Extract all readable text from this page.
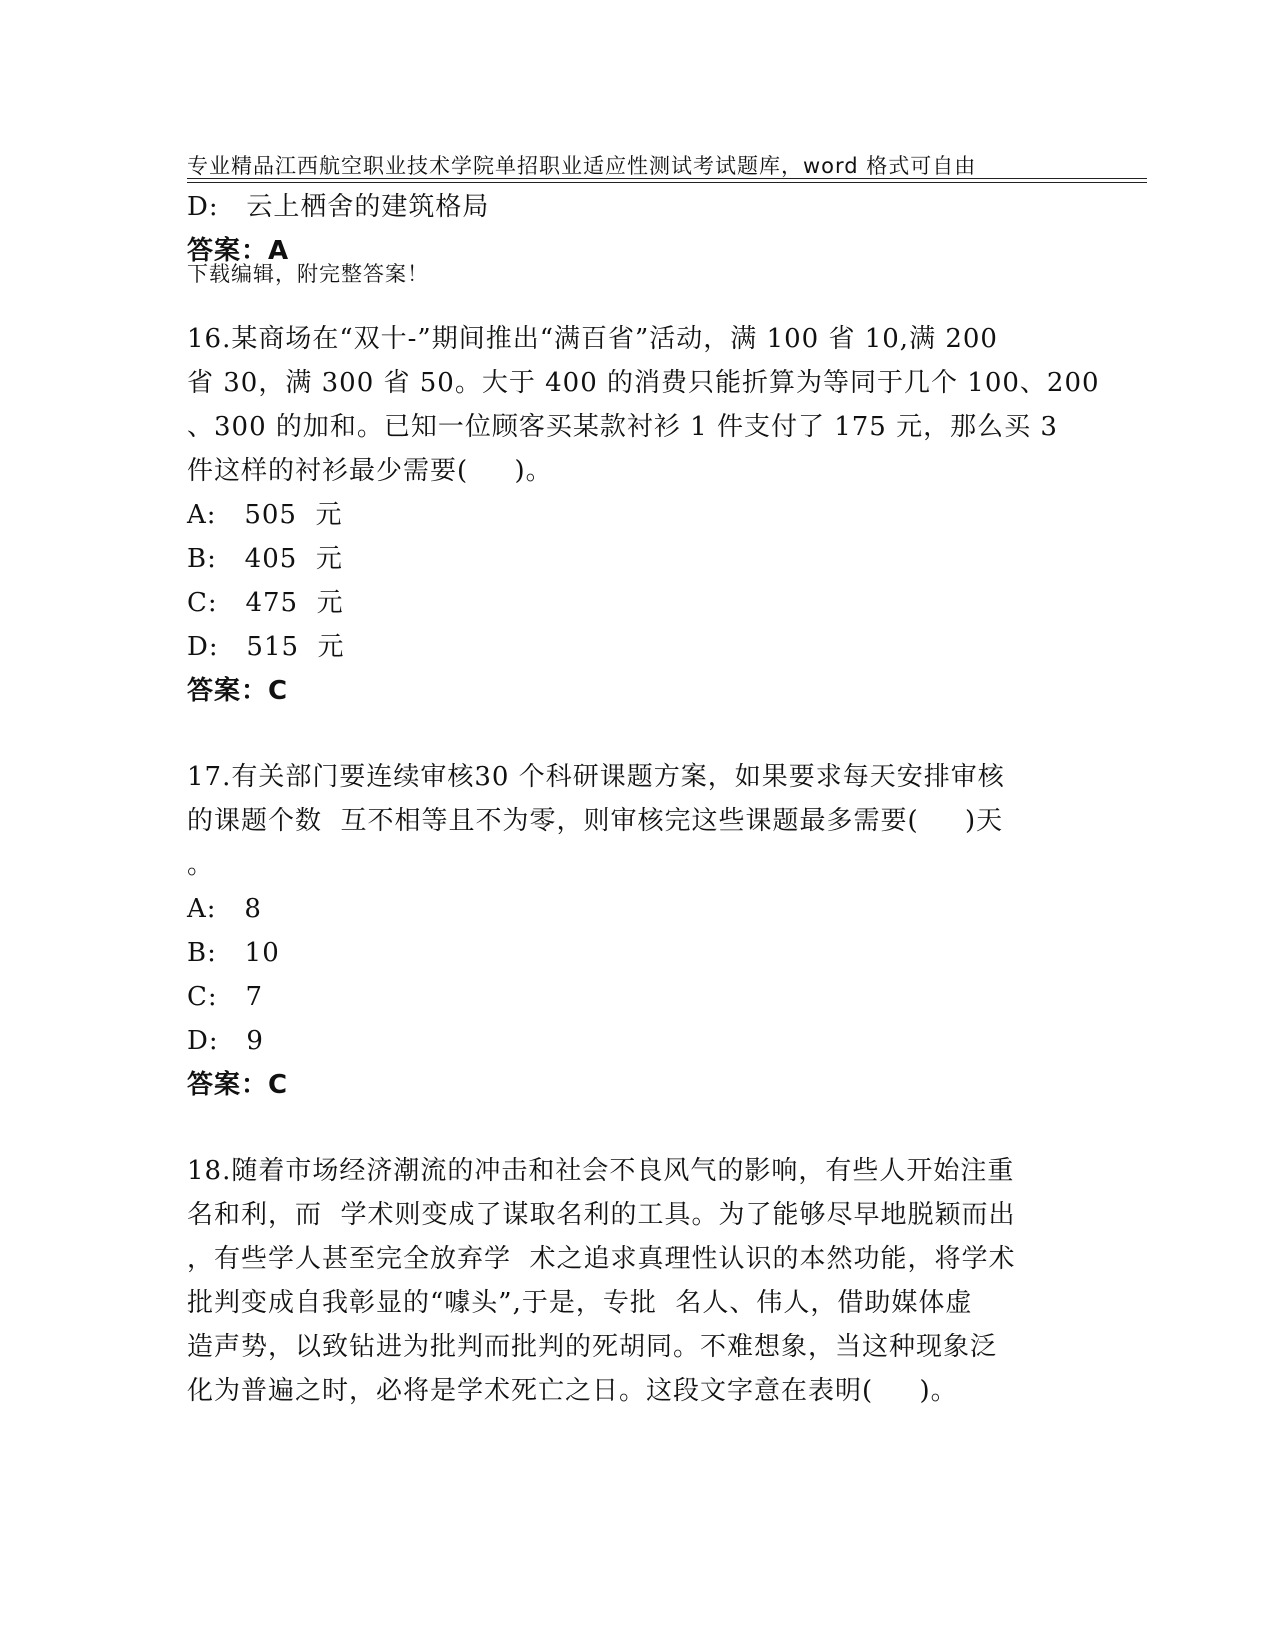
专业精品江西航空职业技术学院单招职业适应性测试考试题库，word 格式可自由

下载编辑，附完整答案！

D:   云上栖舍的建筑格局
答案：A
16.某商场在“双十-”期间推出“满百省”活动，满 100 省 10,满 200
省 30，满 300 省 50。大于 400 的消费只能折算为等同于几个 100、200
、300 的加和。已知一位顾客买某款衬衫 1 件支付了 175 元，那么买 3
件这样的衬衫最少需要(     )。
A:   505  元
B:   405  元
C:   475  元
D:   515  元
答案：C
17.有关部门要连续审核30 个科研课题方案，如果要求每天安排审核
的课题个数  互不相等且不为零，则审核完这些课题最多需要(     )天
。
A:   8
B:   10
C:   7
D:   9
答案：C
18.随着市场经济潮流的冲击和社会不良风气的影响，有些人开始注重
名和利，而  学术则变成了谋取名利的工具。为了能够尽早地脱颖而出
，有些学人甚至完全放弃学  术之追求真理性认识的本然功能，将学术
批判变成自我彰显的“噱头”,于是，专批  名人、伟人，借助媒体虚
造声势，以致钻进为批判而批判的死胡同。不难想象，当这种现象泛
化为普遍之时，必将是学术死亡之日。这段文字意在表明(     )。
